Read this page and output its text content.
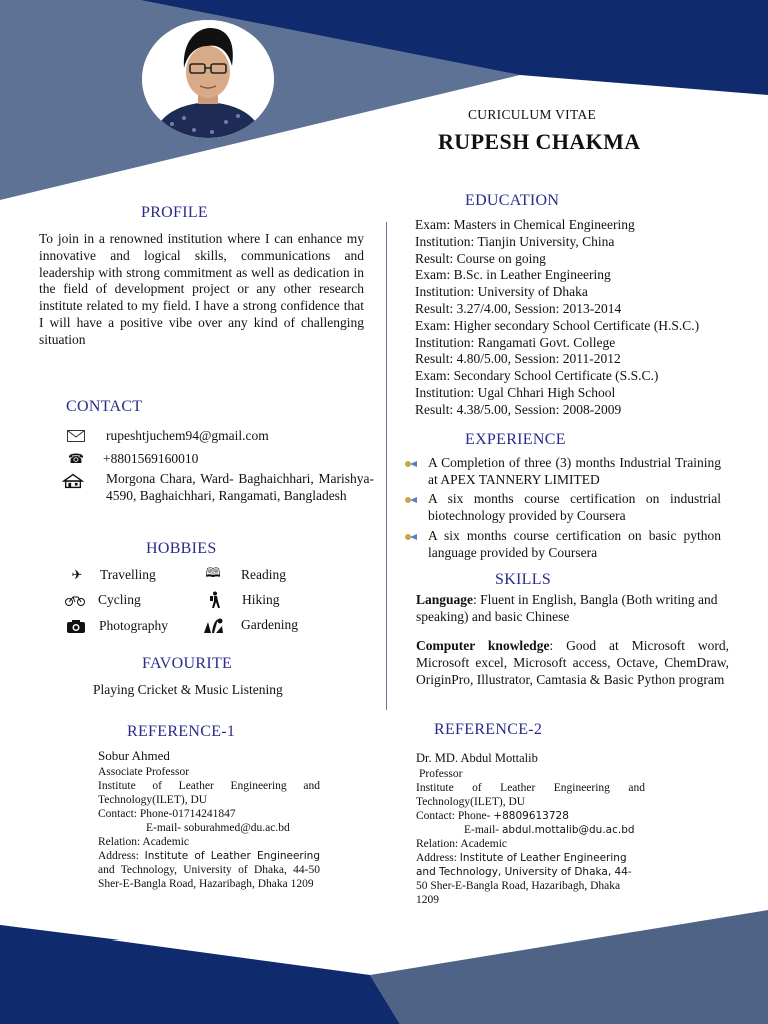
CURICULUM VITAE
RUPESH CHAKMA
PROFILE
To join in a renowned institution where I can enhance my innovative and logical skills, communications and leadership with strong commitment as well as dedication in the field of development project or any other research institute related to my field. I have a strong confidence that I will have a positive vibe over any kind of challenging situation
CONTACT
rupeshtjuchem94@gmail.com
☎ +8801569160010
Morgona Chara, Ward- Baghaichhari, Marishya-4590, Baghaichhari, Rangamati, Bangladesh
HOBBIES
✈	Travelling	🕮 Reading
Cycling	Hiking
Photography	Gardening
FAVOURITE
Playing Cricket & Music Listening
REFERENCE-1
Sobur Ahmed
Associate Professor
Institute of Leather Engineering and Technology(ILET), DU
Contact: Phone-01714241847
E-mail- soburahmed@du.ac.bd
Relation: Academic
Address: Institute of Leather Engineering and Technology, University of Dhaka, 44-50 Sher-E-Bangla Road, Hazaribagh, Dhaka 1209
EDUCATION
Exam: Masters in Chemical Engineering
Institution: Tianjin University, China
Result: Course on going
Exam: B.Sc. in Leather Engineering
Institution: University of Dhaka
Result: 3.27/4.00, Session: 2013-2014
Exam: Higher secondary School Certificate (H.S.C.)
Institution: Rangamati Govt. College
Result: 4.80/5.00, Session: 2011-2012
Exam: Secondary School Certificate (S.S.C.)
Institution: Ugal Chhari High School
Result: 4.38/5.00, Session: 2008-2009
EXPERIENCE
A Completion of three (3) months Industrial Training at APEX TANNERY LIMITED
A six months course certification on industrial biotechnology provided by Coursera
A six months course certification on basic python language provided by Coursera
SKILLS
Language: Fluent in English, Bangla (Both writing and speaking) and basic Chinese
Computer knowledge: Good at Microsoft word, Microsoft excel, Microsoft access, Octave, ChemDraw, OriginPro, Illustrator, Camtasia & Basic Python program
REFERENCE-2
Dr. MD. Abdul Mottalib
Professor
Institute of Leather Engineering and Technology(ILET), DU
Contact: Phone- +8809613728
E-mail- abdul.mottalib@du.ac.bd
Relation: Academic
Address: Institute of Leather Engineering and Technology, University of Dhaka, 44- 50 Sher-E-Bangla Road, Hazaribagh, Dhaka 1209
